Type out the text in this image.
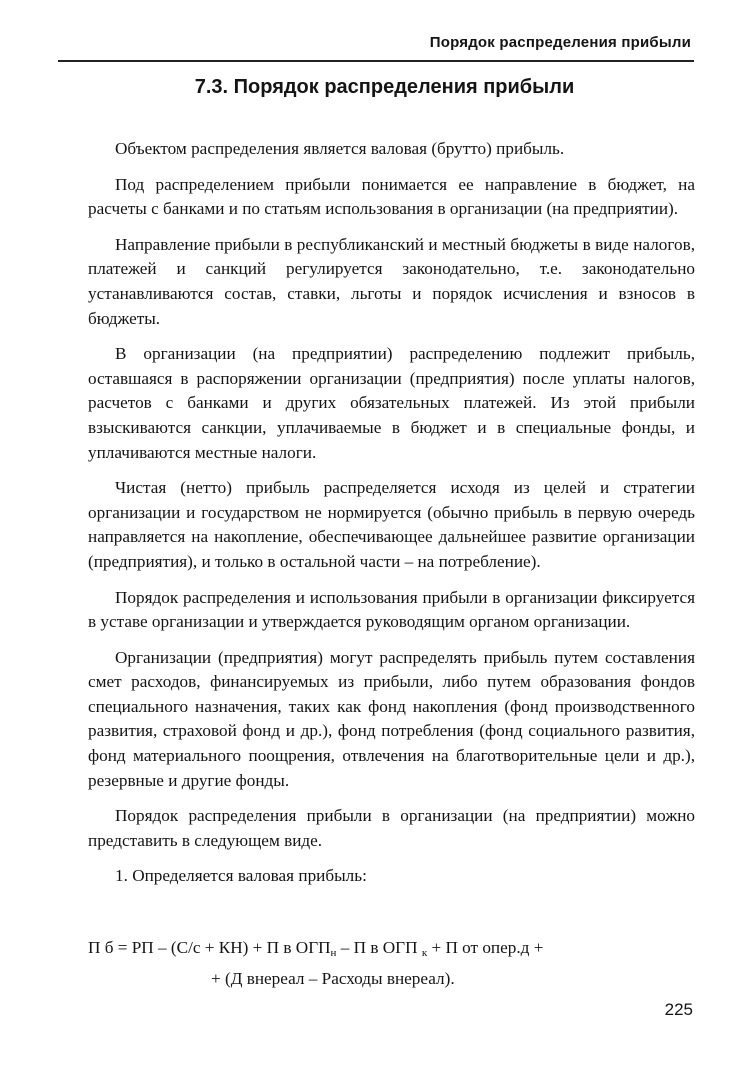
Порядок распределения прибыли
7.3. Порядок распределения прибыли

Объектом распределения является валовая (брутто) прибыль.

Под распределением прибыли понимается ее направление в бюджет, на расчеты с банками и по статьям использования в организации (на предприятии).

Направление прибыли в республиканский и местный бюджеты в виде налогов, платежей и санкций регулируется законодательно, т.е. законодательно устанавливаются состав, ставки, льготы и порядок исчисления и взносов в бюджеты.

В организации (на предприятии) распределению подлежит прибыль, оставшаяся в распоряжении организации (предприятия) после уплаты налогов, расчетов с банками и других обязательных платежей. Из этой прибыли взыскиваются санкции, уплачиваемые в бюджет и в специальные фонды, и уплачиваются местные налоги.

Чистая (нетто) прибыль распределяется исходя из целей и стратегии организации и государством не нормируется (обычно прибыль в первую очередь направляется на накопление, обеспечивающее дальнейшее развитие организации (предприятия), и только в остальной части – на потребление).

Порядок распределения и использования прибыли в организации фиксируется в уставе организации и утверждается руководящим органом организации.

Организации (предприятия) могут распределять прибыль путем составления смет расходов, финансируемых из прибыли, либо путем образования фондов специального назначения, таких как фонд накопления (фонд производственного развития, страховой фонд и др.), фонд потребления (фонд социального развития, фонд материального поощрения, отвлечения на благотворительные цели и др.), резервные и другие фонды.

Порядок распределения прибыли в организации (на предприятии) можно представить в следующем виде.

1. Определяется валовая прибыль:

П б = РП – (С/с + КН) + П в $ОГП_н$ – П в ОГП $_к$ + П от опер.д +
+ (Д внереал – Расходы внереал).
225
